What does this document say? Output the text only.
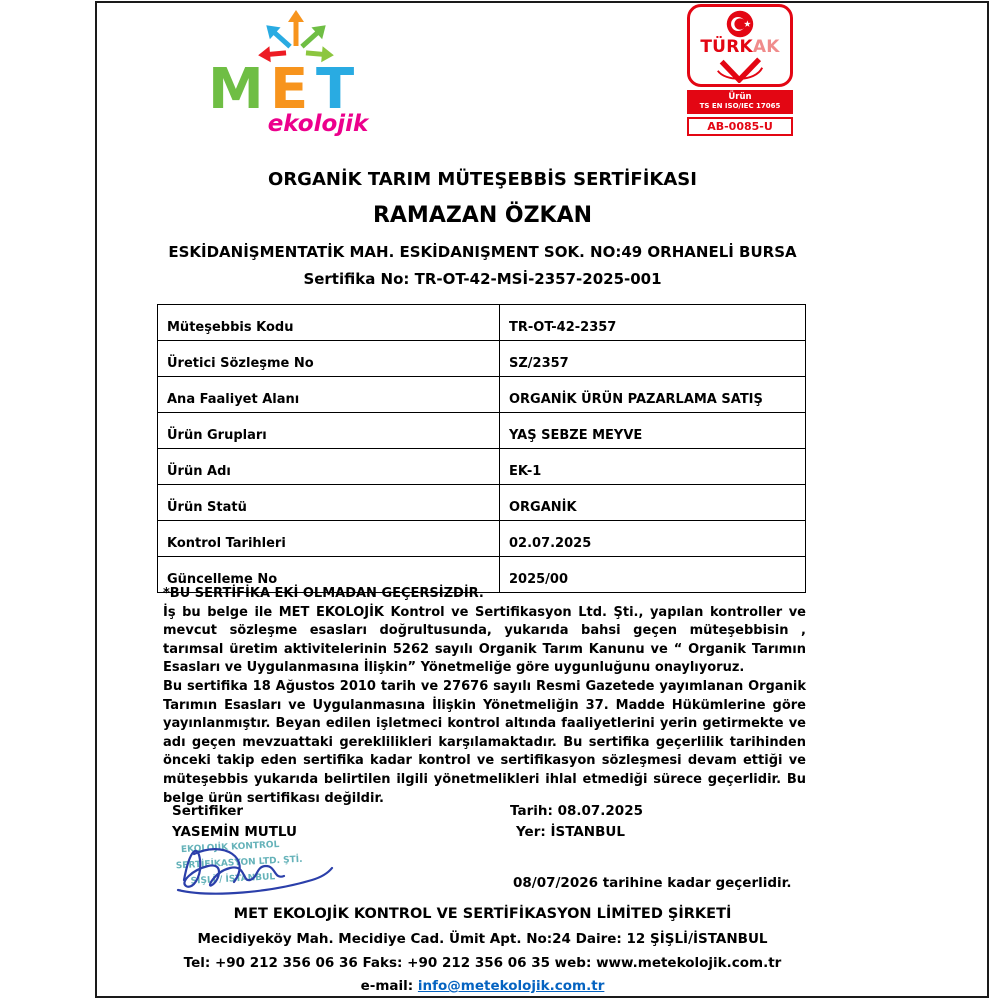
M E T
ekolojik
TÜRKAK
Ürün
TS EN ISO/IEC 17065
AB-0085-U
ORGANİK TARIM MÜTEŞEBBİS SERTİFİKASI
RAMAZAN ÖZKAN
ESKİDANİŞMENTATİK MAH. ESKİDANIŞMENT SOK. NO:49 ORHANELİ BURSA
Sertifika No: TR-OT-42-MSİ-2357-2025-001
Müteşebbis Kodu	TR-OT-42-2357
Üretici Sözleşme No	SZ/2357
Ana Faaliyet Alanı	ORGANİK ÜRÜN PAZARLAMA SATIŞ
Ürün Grupları	YAŞ SEBZE MEYVE
Ürün Adı	EK-1
Ürün Statü	ORGANİK
Kontrol Tarihleri	02.07.2025
Güncelleme No	2025/00

*BU SERTİFİKA EKİ OLMADAN GEÇERSİZDİR.

İş bu belge ile MET EKOLOJİK Kontrol ve Sertifikasyon Ltd. Şti., yapılan kontroller ve mevcut sözleşme esasları doğrultusunda, yukarıda bahsi geçen müteşebbisin , tarımsal üretim aktivitelerinin 5262 sayılı Organik Tarım Kanunu ve “ Organik Tarımın Esasları ve Uygulanmasına İlişkin” Yönetmeliğe göre uygunluğunu onaylıyoruz.

Bu sertifika 18 Ağustos 2010 tarih ve 27676 sayılı Resmi Gazetede yayımlanan Organik Tarımın Esasları ve Uygulanmasına İlişkin Yönetmeliğin 37. Madde Hükümlerine göre yayınlanmıştır. Beyan edilen işletmeci kontrol altında faaliyetlerini yerin getirmekte ve adı geçen mevzuattaki gereklilikleri karşılamaktadır. Bu sertifika geçerlilik tarihinden önceki takip eden sertifika kadar kontrol ve sertifikasyon sözleşmesi devam ettiği ve müteşebbis yukarıda belirtilen ilgili yönetmelikleri ihlal etmediği sürece geçerlidir. Bu belge ürün sertifikası değildir.

Sertifiker
YASEMİN MUTLU
Tarih: 08.07.2025
Yer: İSTANBUL
EKOLOJİK KONTROL
SERTİFİKASYON LTD. ŞTİ.
ŞİŞLİ / İSTANBUL	08/07/2026 tarihine kadar geçerlidir.
MET EKOLOJİK KONTROL VE SERTİFİKASYON LİMİTED ŞİRKETİ
Mecidiyeköy Mah. Mecidiye Cad. Ümit Apt. No:24 Daire: 12 ŞİŞLİ/İSTANBUL
Tel: +90 212 356 06 36 Faks: +90 212 356 06 35 web: www.metekolojik.com.tr
e-mail: info@metekolojik.com.tr
